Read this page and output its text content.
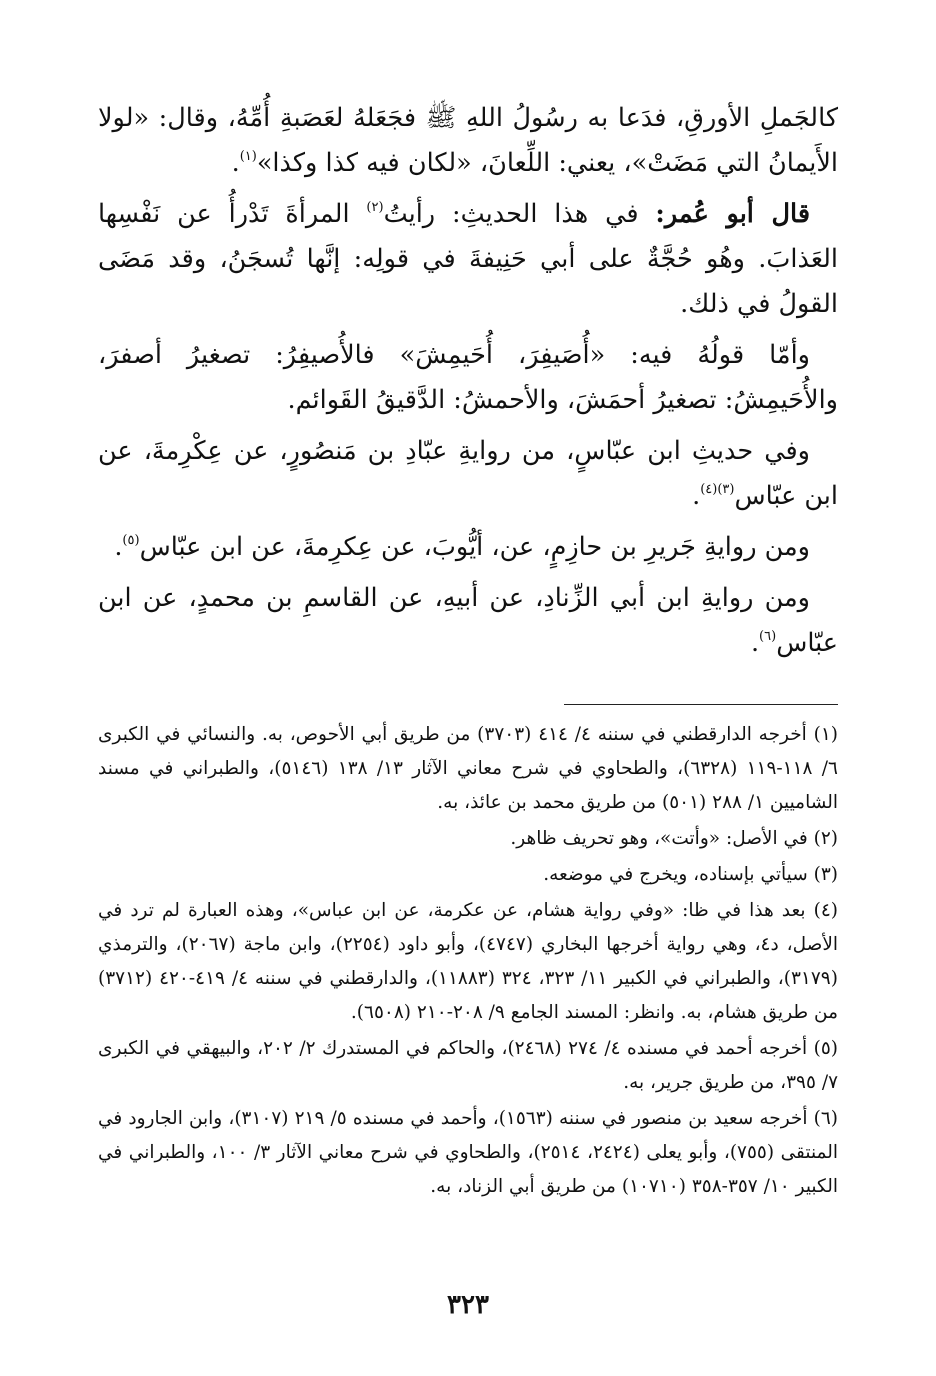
كالجَملِ الأورقِ، فدَعا به رسُولُ اللهِ ﷺ فجَعَلهُ لعَصَبةِ أُمِّهُ، وقال: «لولا الأَيمانُ التي مَضَتْ»، يعني: اللِّعانَ، «لكان فيه كذا وكذا»$^{(١)}$.

قال أبو عُمر: في هذا الحديثِ: رأيتُ$^{(٢)}$ المرأةَ تَدْرأُ عن نَفْسِها العَذابَ. وهُو حُجَّةٌ على أبي حَنِيفةَ في قولِه: إنَّها تُسجَنُ، وقد مَضَى القولُ في ذلك.

وأمّا قولُهُ فيه: «أُصَيفِرَ، أُحَيمِشَ» فالأُصيفِرُ: تصغيرُ أصفرَ، والأُحَيمِشُ: تصغيرُ أحمَشَ، والأحمشُ: الدَّقيقُ القَوائم.

وفي حديثِ ابن عبّاسٍ، من روايةِ عبّادِ بن مَنصُورٍ، عن عِكْرِمةَ، عن ابن عبّاس$^{(٣)(٤)}$.

ومن روايةِ جَريرِ بن حازِمٍ، عن، أيُّوبَ، عن عِكرِمةَ، عن ابن عبّاس$^{(٥)}$.

ومن روايةِ ابن أبي الزِّنادِ، عن أبيهِ، عن القاسمِ بن محمدٍ، عن ابن عبّاس$^{(٦)}$.

(١) أخرجه الدارقطني في سننه ٤/ ٤١٤ (٣٧٠٣) من طريق أبي الأحوص، به. والنسائي في الكبرى ٦/ ١١٨-١١٩ (٦٣٢٨)، والطحاوي في شرح معاني الآثار ١٣/ ١٣٨ (٥١٤٦)، والطبراني في مسند الشاميين ١/ ٢٨٨ (٥٠١) من طريق محمد بن عائذ، به.

(٢) في الأصل: «وأتت»، وهو تحريف ظاهر.

(٣) سيأتي بإسناده، ويخرج في موضعه.

(٤) بعد هذا في ظا: «وفي رواية هشام، عن عكرمة، عن ابن عباس»، وهذه العبارة لم ترد في الأصل، د٤، وهي رواية أخرجها البخاري (٤٧٤٧)، وأبو داود (٢٢٥٤)، وابن ماجة (٢٠٦٧)، والترمذي (٣١٧٩)، والطبراني في الكبير ١١/ ٣٢٣، ٣٢٤ (١١٨٨٣)، والدارقطني في سننه ٤/ ٤١٩-٤٢٠ (٣٧١٢) من طريق هشام، به. وانظر: المسند الجامع ٩/ ٢٠٨-٢١٠ (٦٥٠٨).

(٥) أخرجه أحمد في مسنده ٤/ ٢٧٤ (٢٤٦٨)، والحاكم في المستدرك ٢/ ٢٠٢، والبيهقي في الكبرى ٧/ ٣٩٥، من طريق جرير، به.

(٦) أخرجه سعيد بن منصور في سننه (١٥٦٣)، وأحمد في مسنده ٥/ ٢١٩ (٣١٠٧)، وابن الجارود في المنتقى (٧٥٥)، وأبو يعلى (٢٤٢٤، ٢٥١٤)، والطحاوي في شرح معاني الآثار ٣/ ١٠٠، والطبراني في الكبير ١٠/ ٣٥٧-٣٥٨ (١٠٧١٠) من طريق أبي الزناد، به.

٣٢٣
